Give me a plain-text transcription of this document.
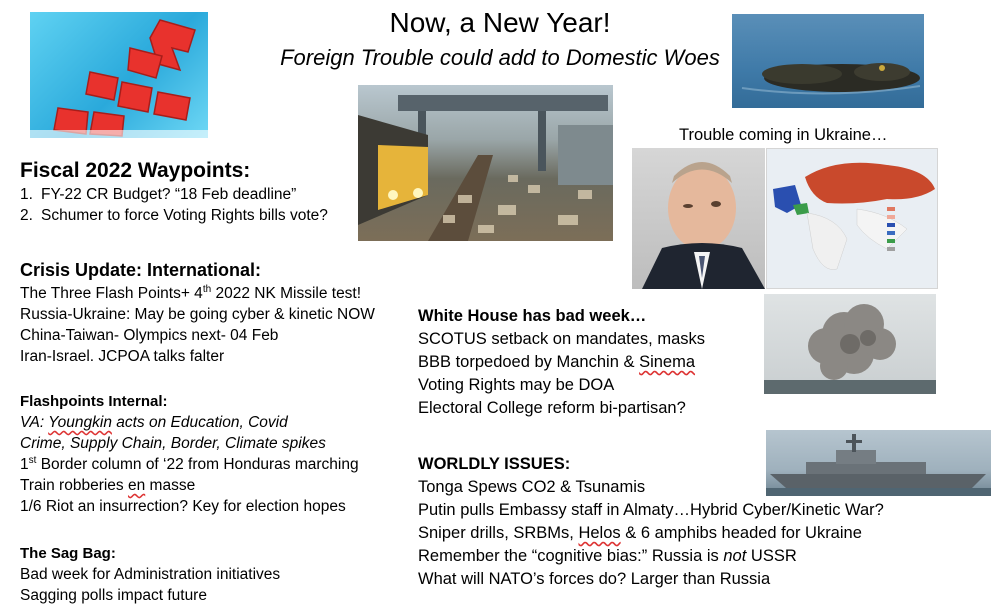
Now, a New Year!
Foreign Trouble could add to Domestic Woes
Trouble coming in Ukraine…
Fiscal 2022 Waypoints:
1. FY-22 CR Budget? “18 Feb deadline”
2. Schumer to force Voting Rights bills vote?
Crisis Update: International:
The Three Flash Points+ 4th 2022 NK Missile test!
Russia-Ukraine: May be going cyber & kinetic NOW
China-Taiwan- Olympics next- 04 Feb
Iran-Israel. JCPOA talks falter
Flashpoints Internal:
VA: Youngkin acts on Education, Covid
Crime, Supply Chain, Border, Climate spikes
1st Border column of ‘22 from Honduras marching
Train robberies en masse
1/6 Riot an insurrection? Key for election hopes
The Sag Bag:
Bad week for Administration initiatives
Sagging polls impact future
White House has bad week…
SCOTUS setback on mandates, masks
BBB torpedoed by Manchin & Sinema
Voting Rights may be DOA
Electoral College reform bi-partisan?
WORLDLY ISSUES:
Tonga Spews CO2 & Tsunamis
Putin pulls Embassy staff in Almaty…Hybrid Cyber/Kinetic War?
Sniper drills, SRBMs, Helos & 6 amphibs headed for Ukraine
Remember the “cognitive bias:” Russia is not USSR
What will NATO’s forces do? Larger than Russia
